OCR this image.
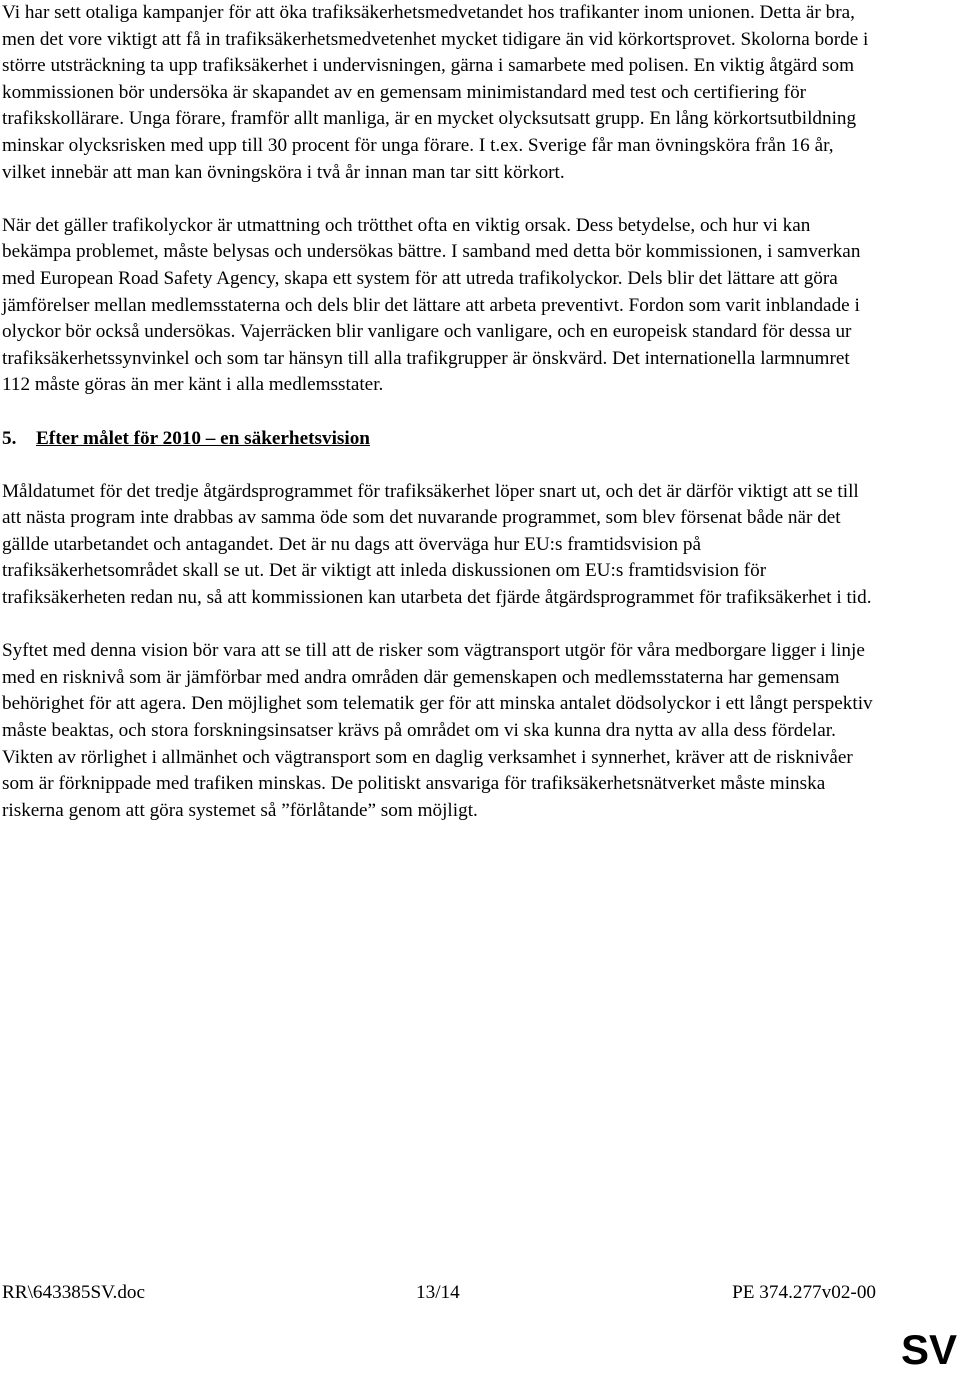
Vi har sett otaliga kampanjer för att öka trafiksäkerhetsmedvetandet hos trafikanter inom unionen. Detta är bra, men det vore viktigt att få in trafiksäkerhetsmedvetenhet mycket tidigare än vid körkortsprovet. Skolorna borde i större utsträckning ta upp trafiksäkerhet i undervisningen, gärna i samarbete med polisen. En viktig åtgärd som kommissionen bör undersöka är skapandet av en gemensam minimistandard med test och certifiering för trafikskollärare. Unga förare, framför allt manliga, är en mycket olycksutsatt grupp. En lång körkortsutbildning minskar olycksrisken med upp till 30 procent för unga förare. I t.ex. Sverige får man övningsköra från 16 år, vilket innebär att man kan övningsköra i två år innan man tar sitt körkort.

När det gäller trafikolyckor är utmattning och trötthet ofta en viktig orsak. Dess betydelse, och hur vi kan bekämpa problemet, måste belysas och undersökas bättre. I samband med detta bör kommissionen, i samverkan med European Road Safety Agency, skapa ett system för att utreda trafikolyckor. Dels blir det lättare att göra jämförelser mellan medlemsstaterna och dels blir det lättare att arbeta preventivt. Fordon som varit inblandade i olyckor bör också undersökas. Vajerräcken blir vanligare och vanligare, och en europeisk standard för dessa ur trafiksäkerhetssynvinkel och som tar hänsyn till alla trafikgrupper är önskvärd. Det internationella larmnumret 112 måste göras än mer känt i alla medlemsstater.

5.	Efter målet för 2010 – en säkerhetsvision

Måldatumet för det tredje åtgärdsprogrammet för trafiksäkerhet löper snart ut, och det är därför viktigt att se till att nästa program inte drabbas av samma öde som det nuvarande programmet, som blev försenat både när det gällde utarbetandet och antagandet. Det är nu dags att överväga hur EU:s framtidsvision på trafiksäkerhetsområdet skall se ut. Det är viktigt att inleda diskussionen om EU:s framtidsvision för trafiksäkerheten redan nu, så att kommissionen kan utarbeta det fjärde åtgärdsprogrammet för trafiksäkerhet i tid.

Syftet med denna vision bör vara att se till att de risker som vägtransport utgör för våra medborgare ligger i linje med en risknivå som är jämförbar med andra områden där gemenskapen och medlemsstaterna har gemensam behörighet för att agera. Den möjlighet som telematik ger för att minska antalet dödsolyckor i ett långt perspektiv måste beaktas, och stora forskningsinsatser krävs på området om vi ska kunna dra nytta av alla dess fördelar. Vikten av rörlighet i allmänhet och vägtransport som en daglig verksamhet i synnerhet, kräver att de risknivåer som är förknippade med trafiken minskas. De politiskt ansvariga för trafiksäkerhetsnätverket måste minska riskerna genom att göra systemet så ”förlåtande” som möjligt.

RR\643385SV.doc	13/14	PE 374.277v02-00
SV
